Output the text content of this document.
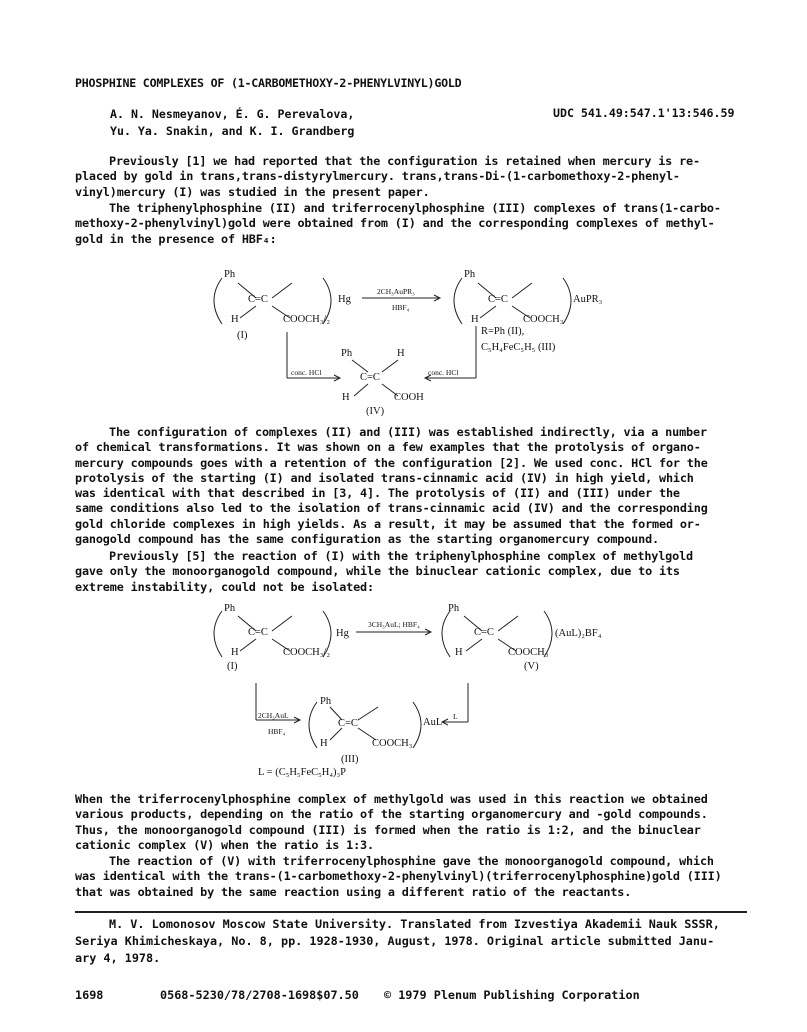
PHOSPHINE COMPLEXES OF (1-CARBOMETHOXY-2-PHENYLVINYL)GOLD
A. N. Nesmeyanov, É. G. Perevalova,
Yu. Ya. Snakin, and K. I. Grandberg
UDC 541.49:547.1'13:546.59
Previously [1] we had reported that the configuration is retained when mercury is re-
placed by gold in trans,trans-distyrylmercury. trans,trans-Di-(1-carbomethoxy-2-phenyl-
vinyl)mercury (I) was studied in the present paper.
The triphenylphosphine (II) and triferrocenylphosphine (III) complexes of trans(1-carbo-
methoxy-2-phenylvinyl)gold were obtained from (I) and the corresponding complexes of methyl-
gold in the presence of HBF₄:
Ph
C=C
H	COOCH₃/₂
(I)
Hg
2CH₃AuPR₃
HBF₄
Ph
C=C
H	COOCH₃
AuPR₃
R=Ph (II),
C₅H₄FeC₅H₅ (III)
conc. HCl	conc. HCl
Ph	H
C=C
H	COOH
(IV)
The configuration of complexes (II) and (III) was established indirectly, via a number
of chemical transformations. It was shown on a few examples that the protolysis of organo-
mercury compounds goes with a retention of the configuration [2]. We used conc. HCl for the
protolysis of the starting (I) and isolated trans-cinnamic acid (IV) in high yield, which
was identical with that described in [3, 4]. The protolysis of (II) and (III) under the
same conditions also led to the isolation of trans-cinnamic acid (IV) and the corresponding
gold chloride complexes in high yields. As a result, it may be assumed that the formed or-
ganogold compound has the same configuration as the starting organomercury compound.
Previously [5] the reaction of (I) with the triphenylphosphine complex of methylgold
gave only the monoorganogold compound, while the binuclear cationic complex, due to its
extreme instability, could not be isolated:
Ph
C=C
H	COOCH₃/₂
(I)
Hg
3CH₃AuL; HBF₄
Ph
C=C
H	COOCH₃
(AuL)₂BF₄
(V)
2CH₃AuL
HBF₄
Ph
C=C
H	COOCH₃
AuL
L
(III)
L = (C₅H₅FeC₅H₄)₃P
When the triferrocenylphosphine complex of methylgold was used in this reaction we obtained
various products, depending on the ratio of the starting organomercury and -gold compounds.
Thus, the monoorganogold compound (III) is formed when the ratio is 1:2, and the binuclear
cationic complex (V) when the ratio is 1:3.
The reaction of (V) with triferrocenylphosphine gave the monoorganogold compound, which
was identical with the trans-(1-carbomethoxy-2-phenylvinyl)(triferrocenylphosphine)gold (III)
that was obtained by the same reaction using a different ratio of the reactants.
M. V. Lomonosov Moscow State University. Translated from Izvestiya Akademii Nauk SSSR,
Seriya Khimicheskaya, No. 8, pp. 1928-1930, August, 1978. Original article submitted Janu-
ary 4, 1978.
1698	0568-5230/78/2708-1698$07.50 © 1979 Plenum Publishing Corporation
